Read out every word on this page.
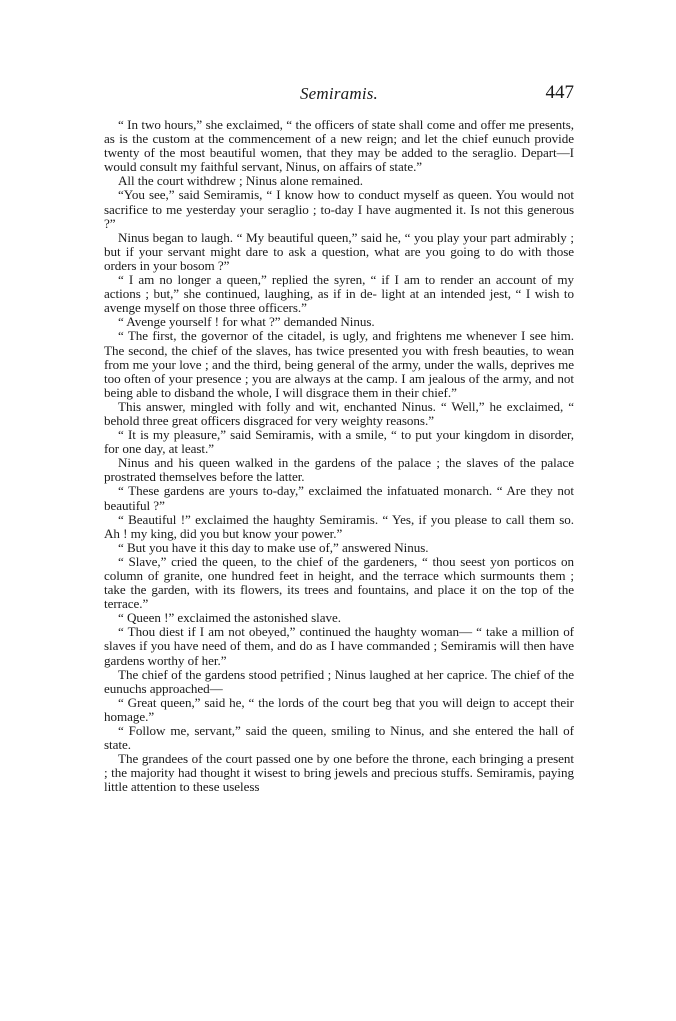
Semiramis.	447

“ In two hours,” she exclaimed, “ the officers of state shall come and offer me presents, as is the custom at the commencement of a new reign; and let the chief eunuch provide twenty of the most beautiful women, that they may be added to the seraglio. Depart—I would consult my faithful servant, Ninus, on affairs of state.”

All the court withdrew ; Ninus alone remained.

“You see,” said Semiramis, “ I know how to conduct myself as queen. You would not sacrifice to me yesterday your seraglio ; to-day I have augmented it. Is not this generous ?”

Ninus began to laugh. “ My beautiful queen,” said he, “ you play your part admirably ; but if your servant might dare to ask a question, what are you going to do with those orders in your bosom ?”

“ I am no longer a queen,” replied the syren, “ if I am to render an account of my actions ; but,” she continued, laughing, as if in de- light at an intended jest, “ I wish to avenge myself on those three officers.”

“ Avenge yourself ! for what ?” demanded Ninus.

“ The first, the governor of the citadel, is ugly, and frightens me whenever I see him. The second, the chief of the slaves, has twice presented you with fresh beauties, to wean from me your love ; and the third, being general of the army, under the walls, deprives me too often of your presence ; you are always at the camp. I am jealous of the army, and not being able to disband the whole, I will disgrace them in their chief.”

This answer, mingled with folly and wit, enchanted Ninus. “ Well,” he exclaimed, “ behold three great officers disgraced for very weighty reasons.”

“ It is my pleasure,” said Semiramis, with a smile, “ to put your kingdom in disorder, for one day, at least.”

Ninus and his queen walked in the gardens of the palace ; the slaves of the palace prostrated themselves before the latter.

“ These gardens are yours to-day,” exclaimed the infatuated monarch. “ Are they not beautiful ?”

“ Beautiful !” exclaimed the haughty Semiramis. “ Yes, if you please to call them so. Ah ! my king, did you but know your power.”

“ But you have it this day to make use of,” answered Ninus.

“ Slave,” cried the queen, to the chief of the gardeners, “ thou seest yon porticos on column of granite, one hundred feet in height, and the terrace which surmounts them ; take the garden, with its flowers, its trees and fountains, and place it on the top of the terrace.”

“ Queen !” exclaimed the astonished slave.

“ Thou diest if I am not obeyed,” continued the haughty woman— “ take a million of slaves if you have need of them, and do as I have commanded ; Semiramis will then have gardens worthy of her.”

The chief of the gardens stood petrified ; Ninus laughed at her caprice. The chief of the eunuchs approached—

“ Great queen,” said he, “ the lords of the court beg that you will deign to accept their homage.”

“ Follow me, servant,” said the queen, smiling to Ninus, and she entered the hall of state.

The grandees of the court passed one by one before the throne, each bringing a present ; the majority had thought it wisest to bring jewels and precious stuffs. Semiramis, paying little attention to these useless
